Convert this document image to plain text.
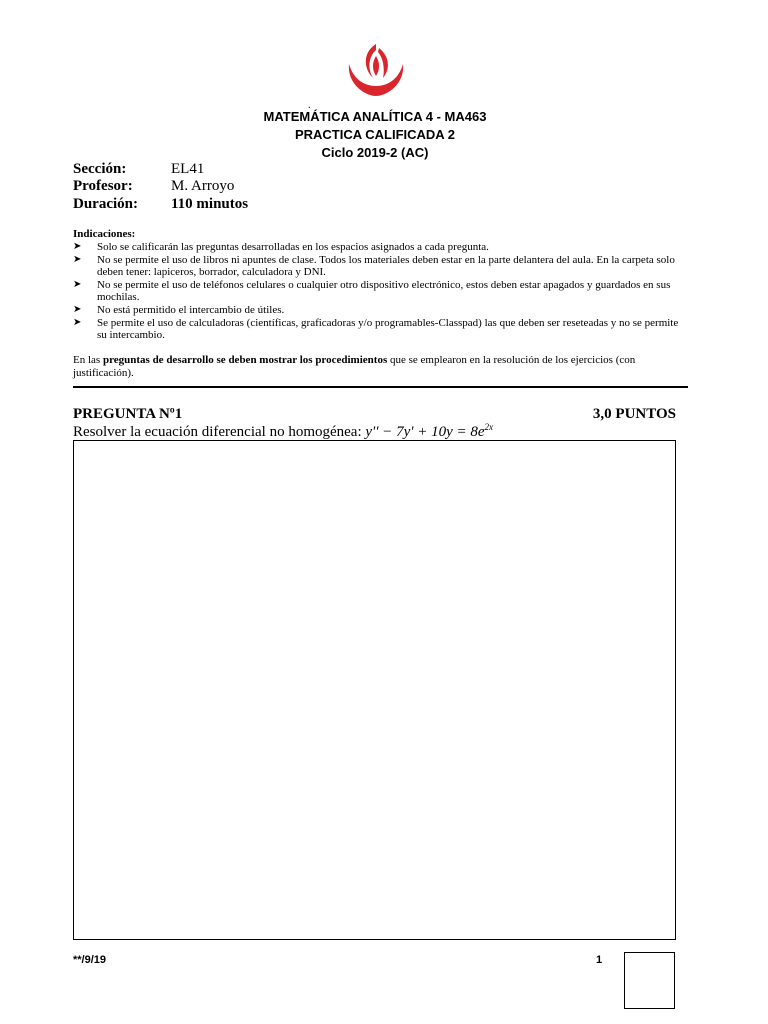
.
MATEMÁTICA ANALÍTICA 4 - MA463
PRACTICA CALIFICADA 2
Ciclo 2019-2 (AC)
Sección:	EL41
Profesor:	M. Arroyo
Duración: 110 minutos
Indicaciones:
➤ Solo se calificarán las preguntas desarrolladas en los espacios asignados a cada pregunta.
➤ No se permite el uso de libros ni apuntes de clase. Todos los materiales deben estar en la parte delantera del aula. En la carpeta solo deben tener: lapiceros, borrador, calculadora y DNI.
➤ No se permite el uso de teléfonos celulares o cualquier otro dispositivo electrónico, estos deben estar apagados y guardados en sus mochilas.
➤ No está permitido el intercambio de útiles.
➤ Se permite el uso de calculadoras (científicas, graficadoras y/o programables-Classpad) las que deben ser reseteadas y no se permite su intercambio.
En las preguntas de desarrollo se deben mostrar los procedimientos que se emplearon en la resolución de los ejercicios (con justificación).
PREGUNTA Nº1	3,0 PUNTOS
Resolver la ecuación diferencial no homogénea: $y'' - 7y' + 10y = 8e^{2x}$
**/9/19	1
